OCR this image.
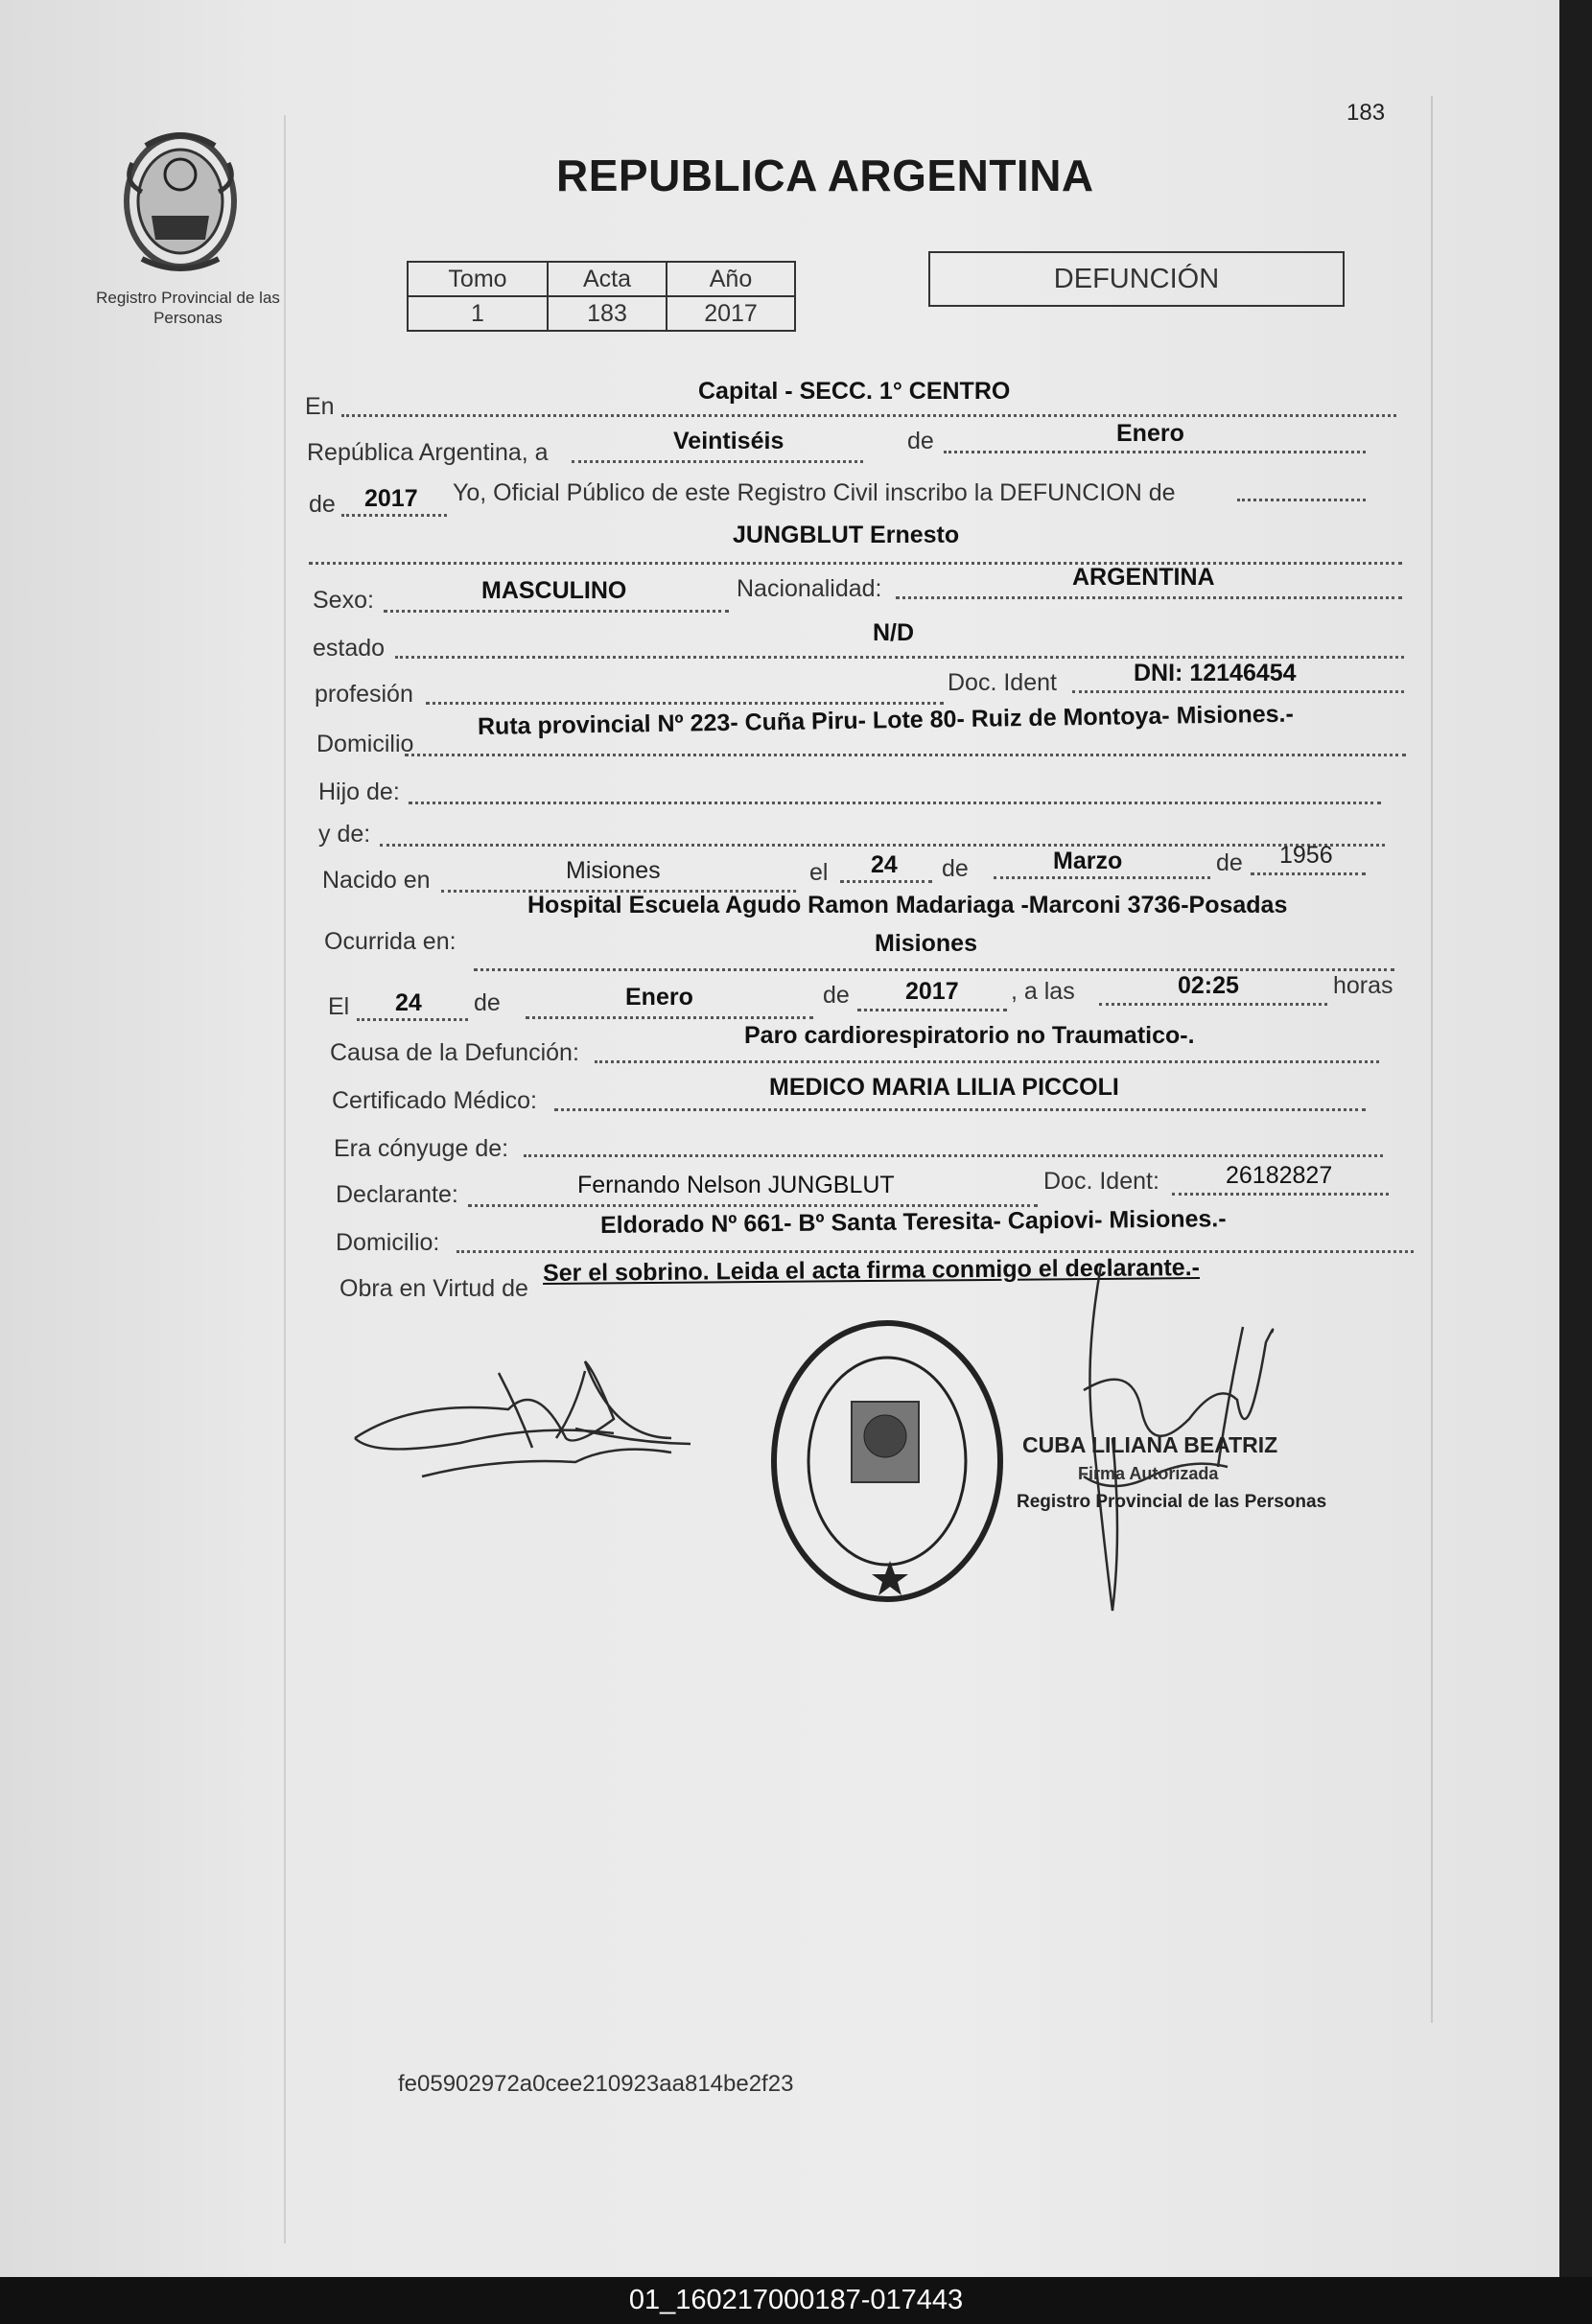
183
Registro Provincial de las Personas
REPUBLICA ARGENTINA
Tomo	Acta	Año
1	183	2017
DEFUNCIÓN
En
Capital - SECC. 1° CENTRO
República Argentina, a	Veintiséis	de	Enero
de 2017 Yo, Oficial Público de este Registro Civil inscribo la DEFUNCION de
JUNGBLUT Ernesto
Sexo:	MASCULINO	Nacionalidad:	ARGENTINA
estado
N/D
profesión	Doc. Ident	DNI: 12146454
Domicilio
Ruta provincial Nº 223- Cuña Piru- Lote 80- Ruiz de Montoya- Misiones.-
Hijo de:
y de:
Nacido en	Misiones	el 24 de	Marzo	de 1956
Hospital Escuela Agudo Ramon Madariaga -Marconi 3736-Posadas
Ocurrida en:	Misiones
El 24 de	Enero	de 2017 , a las	02:25	horas
Causa de la Defunción:
Paro cardiorespiratorio no Traumatico-.
Certificado Médico:	MEDICO MARIA LILIA PICCOLI
Era cónyuge de:
Declarante:	Fernando Nelson JUNGBLUT	Doc. Ident:	26182827
Domicilio:
Eldorado Nº 661- Bº Santa Teresita- Capiovi- Misiones.-
Obra en Virtud de
Ser el sobrino. Leida el acta firma conmigo el declarante.-
CUBA LILIANA BEATRIZ
Firma Autorizada
Registro Provincial de las Personas
fe05902972a0cee210923aa814be2f23
01_160217000187-017443
